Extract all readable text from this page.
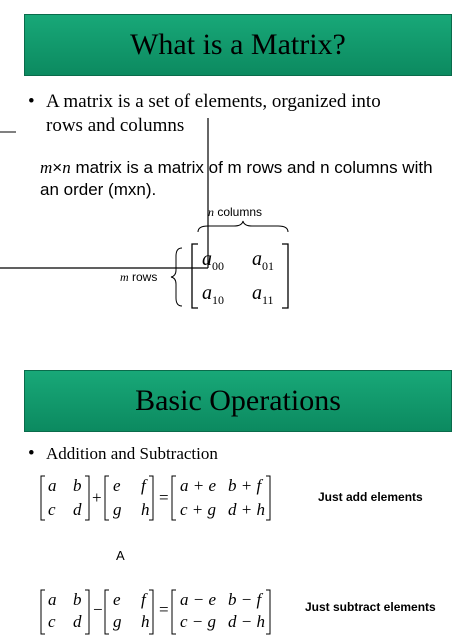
What is a Matrix?
• A matrix is a set of elements, organized into
rows and columns
m×n matrix is a matrix of m rows and n columns with
an order (mxn).
n columns
m rows
$a_{00}$ $a_{01}$
$a_{10}$ $a_{11}$
Basic Operations
• Addition and Subtraction
a b
c d
+
e f
g h
=
a + e b + f
c + g d + h
Just add elements
A
a b
c d
−
e f
g h
=
a − e b − f
c − g d − h
Just subtract elements
